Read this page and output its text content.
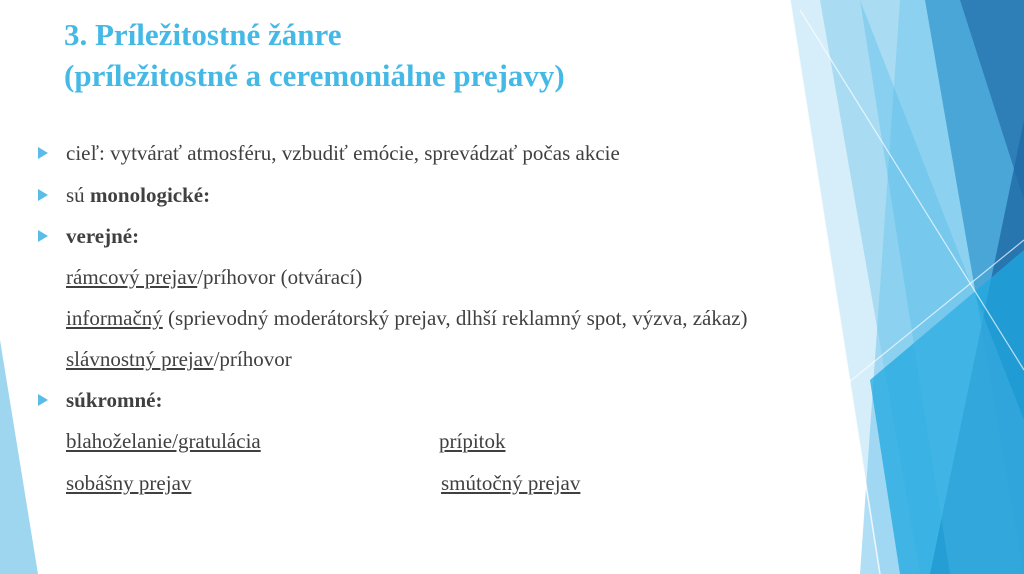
3. Príležitostné žánre
(príležitostné a ceremoniálne prejavy)
cieľ: vytvárať atmosféru, vzbudiť emócie, sprevádzať počas akcie
sú monologické:
verejné:
rámcový prejav/príhovor (otvárací)
informačný (sprievodný moderátorský prejav, dlhší reklamný spot, výzva, zákaz)
slávnostný prejav/príhovor
súkromné:
blahoželanie/gratulácia	prípitok
sobášny prejav	smútočný prejav
